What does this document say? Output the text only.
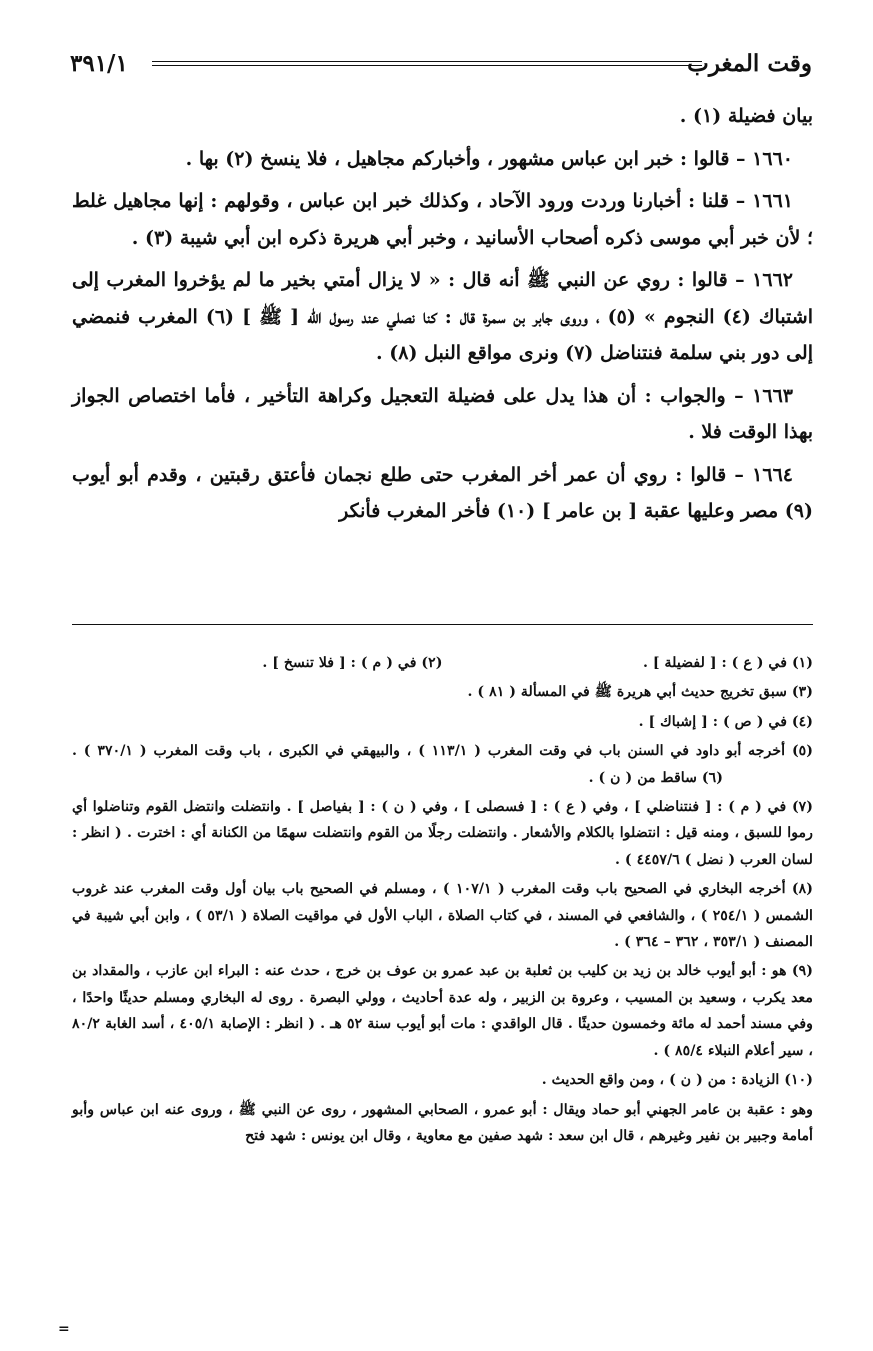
وقت المغرب
٣٩١/١

بيان فضيلة (١) .

١٦٦٠ – قالوا : خبر ابن عباس مشهور ، وأخباركم مجاهيل ، فلا ينسخ (٢) بها .

١٦٦١ – قلنا : أخبارنا وردت ورود الآحاد ، وكذلك خبر ابن عباس ، وقولهم : إنها مجاهيل غلط ؛ لأن خبر أبي موسى ذكره أصحاب الأسانيد ، وخبر أبي هريرة ذكره ابن أبي شيبة (٣) .

١٦٦٢ – قالوا : روي عن النبي ﷺ أنه قال : « لا يزال أمتي بخير ما لم يؤخروا المغرب إلى اشتباك (٤) النجوم » (٥) ، وروى جابر بن سمرة قال : كنا نصلي عند رسول الله [ ﷺ ] (٦) المغرب فنمضي إلى دور بني سلمة فنتناضل (٧) ونرى مواقع النبل (٨) .

١٦٦٣ – والجواب : أن هذا يدل على فضيلة التعجيل وكراهة التأخير ، فأما اختصاص الجواز بهذا الوقت فلا .

١٦٦٤ – قالوا : روي أن عمر أخر المغرب حتى طلع نجمان فأعتق رقبتين ، وقدم أبو أيوب (٩) مصر وعليها عقبة [ بن عامر ] (١٠) فأخر المغرب فأنكر

(١) في ( ع ) : [ لفضيلة ] .
(٢) في ( م ) : [ فلا تنسخ ] .

(٣) سبق تخريج حديث أبي هريرة ﷺ في المسألة ( ٨١ ) .

(٤) في ( ص ) : [ إشباك ] .

(٥) أخرجه أبو داود في السنن باب في وقت المغرب ( ١١٣/١ ) ، والبيهقي في الكبرى ، باب وقت المغرب ( ٣٧٠/١ ) . (٦) ساقط من ( ن ) .

(٧) في ( م ) : [ فنتناضلي ] ، وفي ( ع ) : [ فسصلى ] ، وفي ( ن ) : [ بفياصل ] . وانتضلت وانتضل القوم وتناضلوا أي رموا للسبق ، ومنه قيل : انتضلوا بالكلام والأشعار . وانتضلت رجلًا من القوم وانتضلت سهمًا من الكنانة أي : اخترت . ( انظر : لسان العرب ( نضل ) ٤٤٥٧/٦ ) .

(٨) أخرجه البخاري في الصحيح باب وقت المغرب ( ١٠٧/١ ) ، ومسلم في الصحيح باب بيان أول وقت المغرب عند غروب الشمس ( ٢٥٤/١ ) ، والشافعي في المسند ، في كتاب الصلاة ، الباب الأول في مواقيت الصلاة ( ٥٣/١ ) ، وابن أبي شيبة في المصنف ( ٣٥٣/١ ، ٣٦٢ – ٣٦٤ ) .

(٩) هو : أبو أيوب خالد بن زيد بن كليب بن ثعلبة بن عبد عمرو بن عوف بن خرج ، حدث عنه : البراء ابن عازب ، والمقداد بن معد يكرب ، وسعيد بن المسيب ، وعروة بن الزبير ، وله عدة أحاديث ، وولي البصرة . روى له البخاري ومسلم حديثًا واحدًا ، وفي مسند أحمد له مائة وخمسون حديثًا . قال الواقدي : مات أبو أيوب سنة ٥٢ هـ . ( انظر : الإصابة ٤٠٥/١ ، أسد الغابة ٨٠/٢ ، سير أعلام النبلاء ٨٥/٤ ) .

(١٠) الزيادة : من ( ن ) ، ومن واقع الحديث .

وهو : عقبة بن عامر الجهني أبو حماد ويقال : أبو عمرو ، الصحابي المشهور ، روى عن النبي ﷺ ، وروى عنه ابن عباس وأبو أمامة وجبير بن نفير وغيرهم ، قال ابن سعد : شهد صفين مع معاوية ، وقال ابن يونس : شهد فتح

=
